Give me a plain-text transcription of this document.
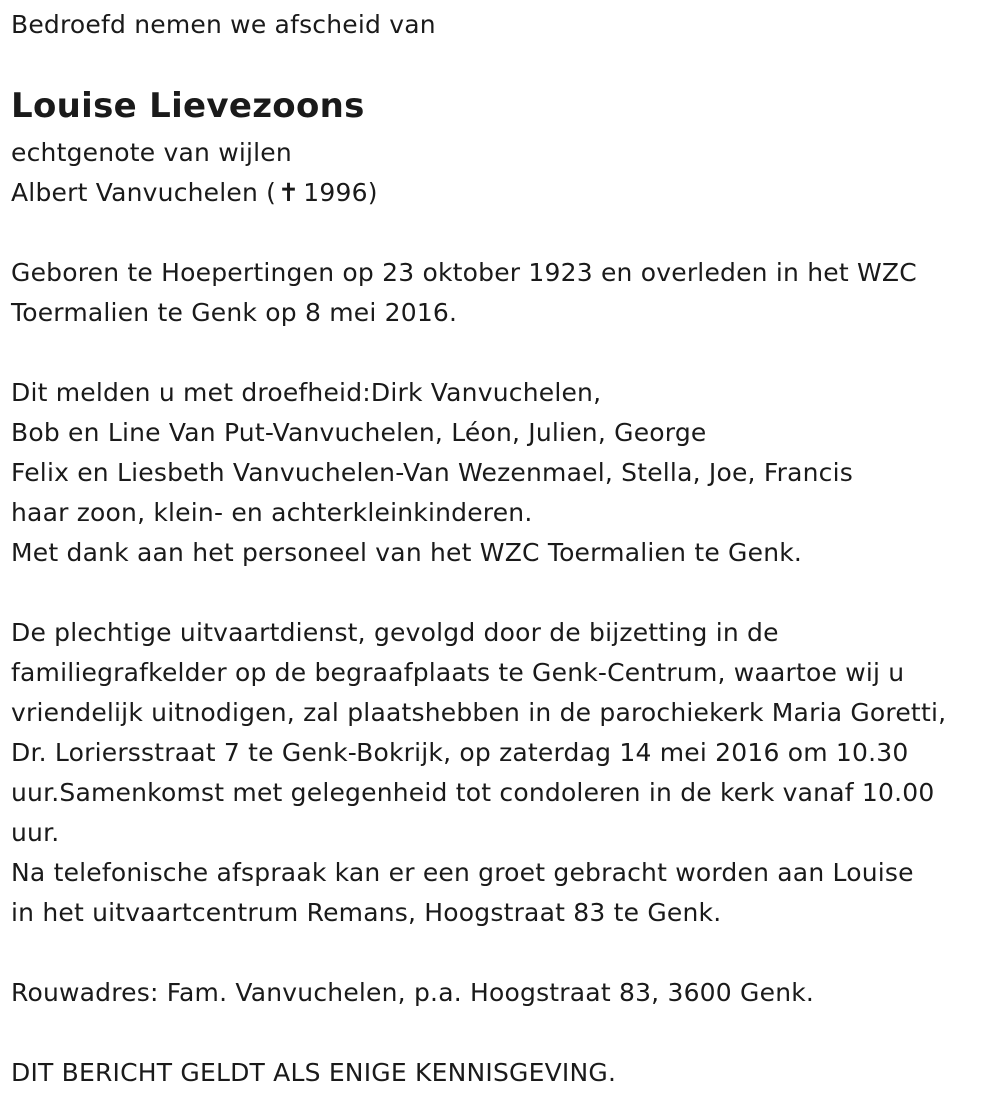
Bedroefd nemen we afscheid van
Louise Lievezoons
echtgenote van wijlen
Albert Vanvuchelen (✝ 1996)
Geboren te Hoepertingen op 23 oktober 1923 en overleden in het WZC
Toermalien te Genk op 8 mei 2016.
Dit melden u met droefheid:Dirk Vanvuchelen,
Bob en Line Van Put-Vanvuchelen, Léon, Julien, George
Felix en Liesbeth Vanvuchelen-Van Wezenmael, Stella, Joe, Francis
haar zoon, klein- en achterkleinkinderen.
Met dank aan het personeel van het WZC Toermalien te Genk.
De plechtige uitvaartdienst, gevolgd door de bijzetting in de
familiegrafkelder op de begraafplaats te Genk-Centrum, waartoe wij u
vriendelijk uitnodigen, zal plaatshebben in de parochiekerk Maria Goretti,
Dr. Loriersstraat 7 te Genk-Bokrijk, op zaterdag 14 mei 2016 om 10.30
uur.Samenkomst met gelegenheid tot condoleren in de kerk vanaf 10.00
uur.
Na telefonische afspraak kan er een groet gebracht worden aan Louise
in het uitvaartcentrum Remans, Hoogstraat 83 te Genk.
Rouwadres: Fam. Vanvuchelen, p.a. Hoogstraat 83, 3600 Genk.
DIT BERICHT GELDT ALS ENIGE KENNISGEVING.
